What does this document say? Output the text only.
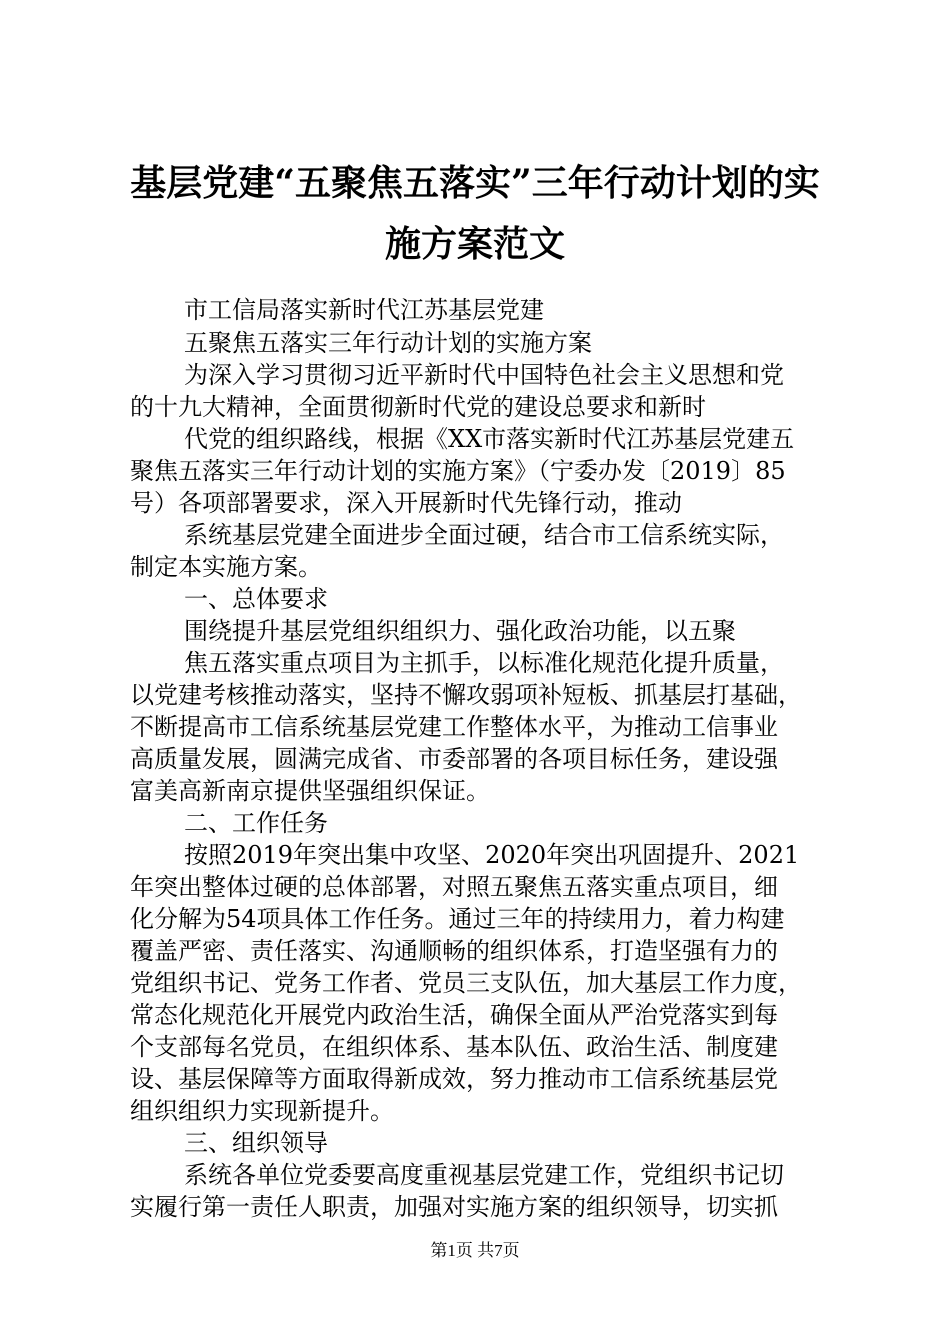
基层党建“五聚焦五落实”三年行动计划的实
施方案范文
市工信局落实新时代江苏基层党建
五聚焦五落实三年行动计划的实施方案
为深入学习贯彻习近平新时代中国特色社会主义思想和党
的十九大精神，全面贯彻新时代党的建设总要求和新时
代党的组织路线，根据《XX市落实新时代江苏基层党建五
聚焦五落实三年行动计划的实施方案》（宁委办发〔2019〕85
号）各项部署要求，深入开展新时代先锋行动，推动
系统基层党建全面进步全面过硬，结合市工信系统实际，
制定本实施方案。
一、总体要求
围绕提升基层党组织组织力、强化政治功能，以五聚
焦五落实重点项目为主抓手，以标准化规范化提升质量，
以党建考核推动落实，坚持不懈攻弱项补短板、抓基层打基础，
不断提高市工信系统基层党建工作整体水平，为推动工信事业
高质量发展，圆满完成省、市委部署的各项目标任务，建设强
富美高新南京提供坚强组织保证。
二、工作任务
按照2019年突出集中攻坚、2020年突出巩固提升、2021
年突出整体过硬的总体部署，对照五聚焦五落实重点项目，细
化分解为54项具体工作任务。通过三年的持续用力，着力构建
覆盖严密、责任落实、沟通顺畅的组织体系，打造坚强有力的
党组织书记、党务工作者、党员三支队伍，加大基层工作力度，
常态化规范化开展党内政治生活，确保全面从严治党落实到每
个支部每名党员，在组织体系、基本队伍、政治生活、制度建
设、基层保障等方面取得新成效，努力推动市工信系统基层党
组织组织力实现新提升。
三、组织领导
系统各单位党委要高度重视基层党建工作，党组织书记切
实履行第一责任人职责，加强对实施方案的组织领导，切实抓
第1页 共7页
